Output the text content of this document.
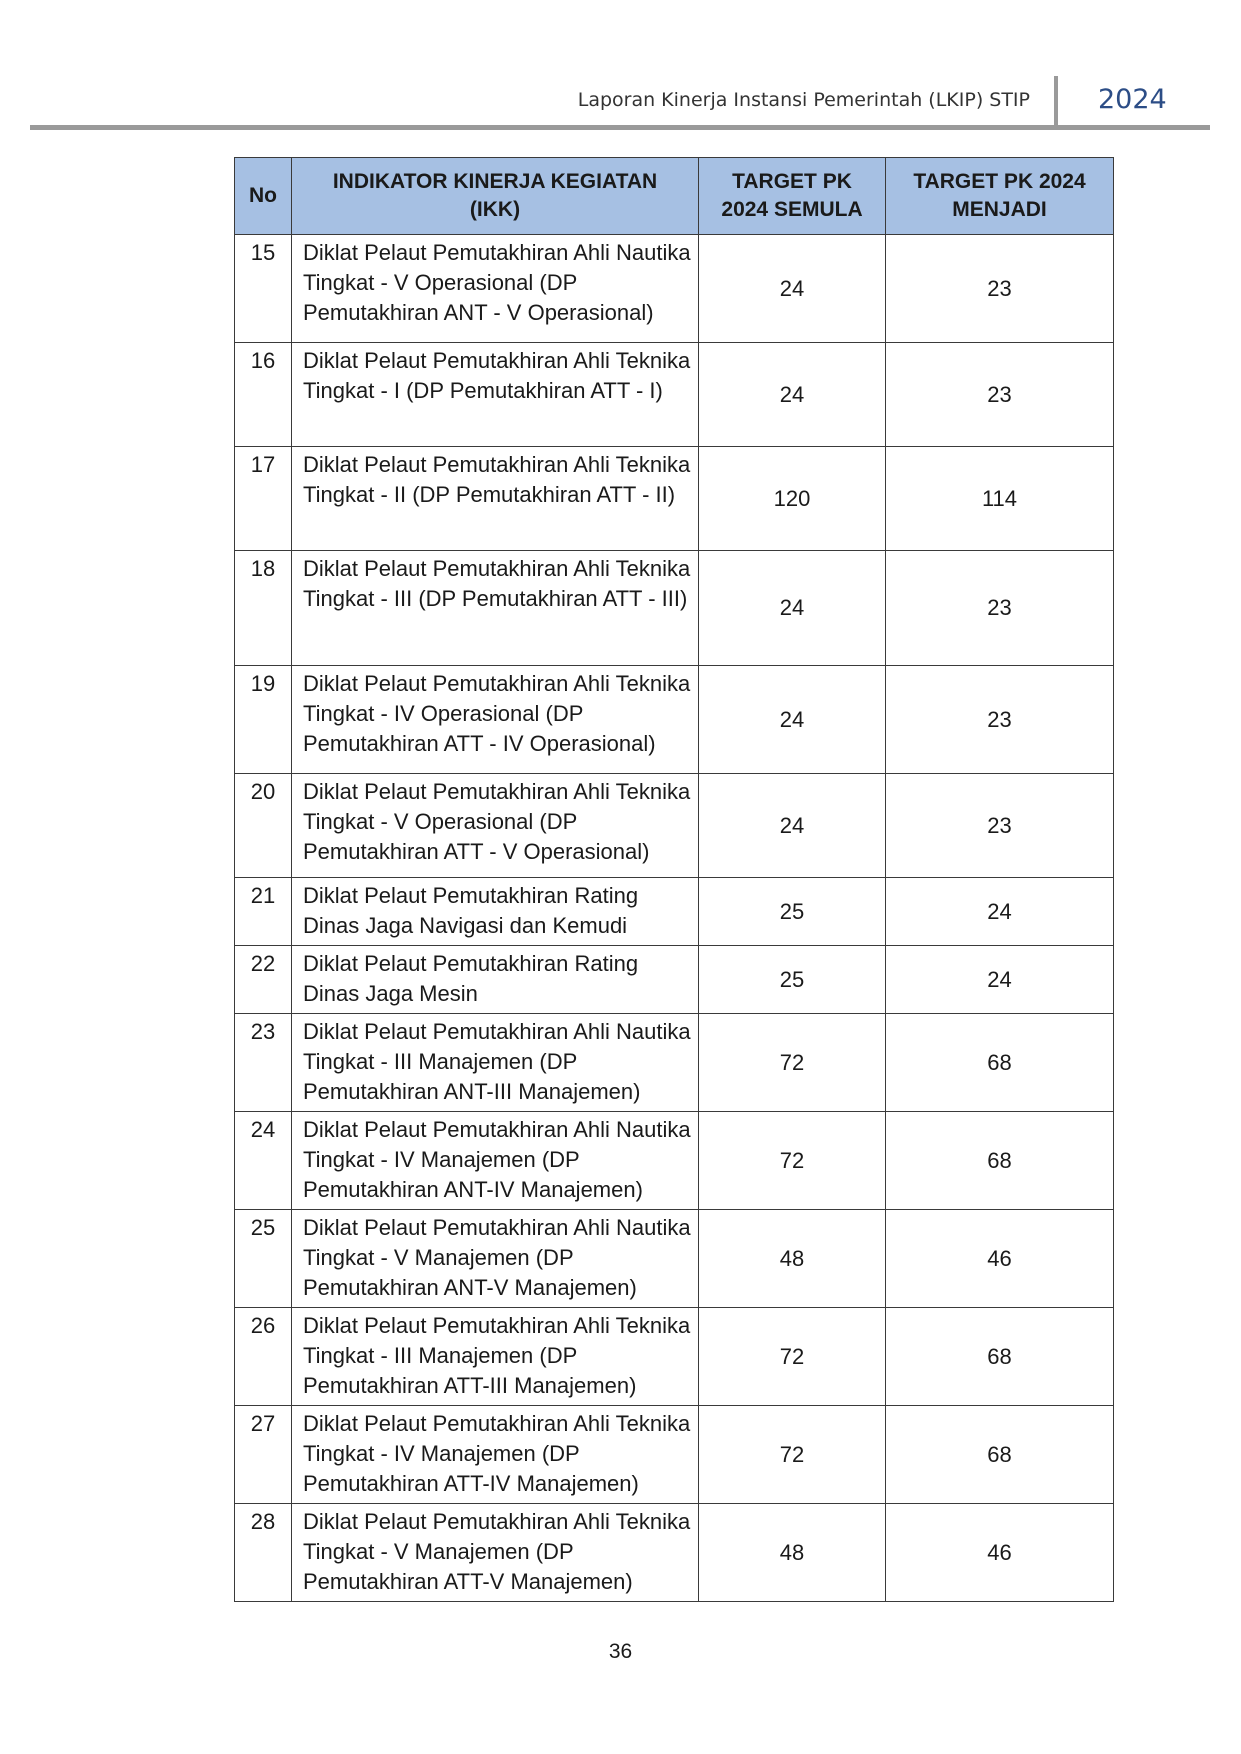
Laporan Kinerja Instansi Pemerintah (LKIP) STIP	2024
No	INDIKATOR KINERJA KEGIATAN (IKK)	TARGET PK 2024 SEMULA	TARGET PK 2024 MENJADI
15	Diklat Pelaut Pemutakhiran Ahli Nautika Tingkat - V Operasional (DP Pemutakhiran ANT - V Operasional)	24	23
16	Diklat Pelaut Pemutakhiran Ahli Teknika Tingkat - I (DP Pemutakhiran ATT - I)	24	23
17	Diklat Pelaut Pemutakhiran Ahli Teknika Tingkat - II (DP Pemutakhiran ATT - II)	120	114
18	Diklat Pelaut Pemutakhiran Ahli Teknika Tingkat - III (DP Pemutakhiran ATT - III)	24	23
19	Diklat Pelaut Pemutakhiran Ahli Teknika Tingkat - IV Operasional (DP Pemutakhiran ATT - IV Operasional)	24	23
20	Diklat Pelaut Pemutakhiran Ahli Teknika Tingkat - V Operasional (DP Pemutakhiran ATT - V Operasional)	24	23
21	Diklat Pelaut Pemutakhiran Rating Dinas Jaga Navigasi dan Kemudi	25	24
22	Diklat Pelaut Pemutakhiran Rating Dinas Jaga Mesin	25	24
23	Diklat Pelaut Pemutakhiran Ahli Nautika Tingkat - III Manajemen (DP Pemutakhiran ANT-III Manajemen)	72	68
24	Diklat Pelaut Pemutakhiran Ahli Nautika Tingkat - IV Manajemen (DP Pemutakhiran ANT-IV Manajemen)	72	68
25	Diklat Pelaut Pemutakhiran Ahli Nautika Tingkat - V Manajemen (DP Pemutakhiran ANT-V Manajemen)	48	46
26	Diklat Pelaut Pemutakhiran Ahli Teknika Tingkat - III Manajemen (DP Pemutakhiran ATT-III Manajemen)	72	68
27	Diklat Pelaut Pemutakhiran Ahli Teknika Tingkat - IV Manajemen (DP Pemutakhiran ATT-IV Manajemen)	72	68
28	Diklat Pelaut Pemutakhiran Ahli Teknika Tingkat - V Manajemen (DP Pemutakhiran ATT-V Manajemen)	48	46
36
